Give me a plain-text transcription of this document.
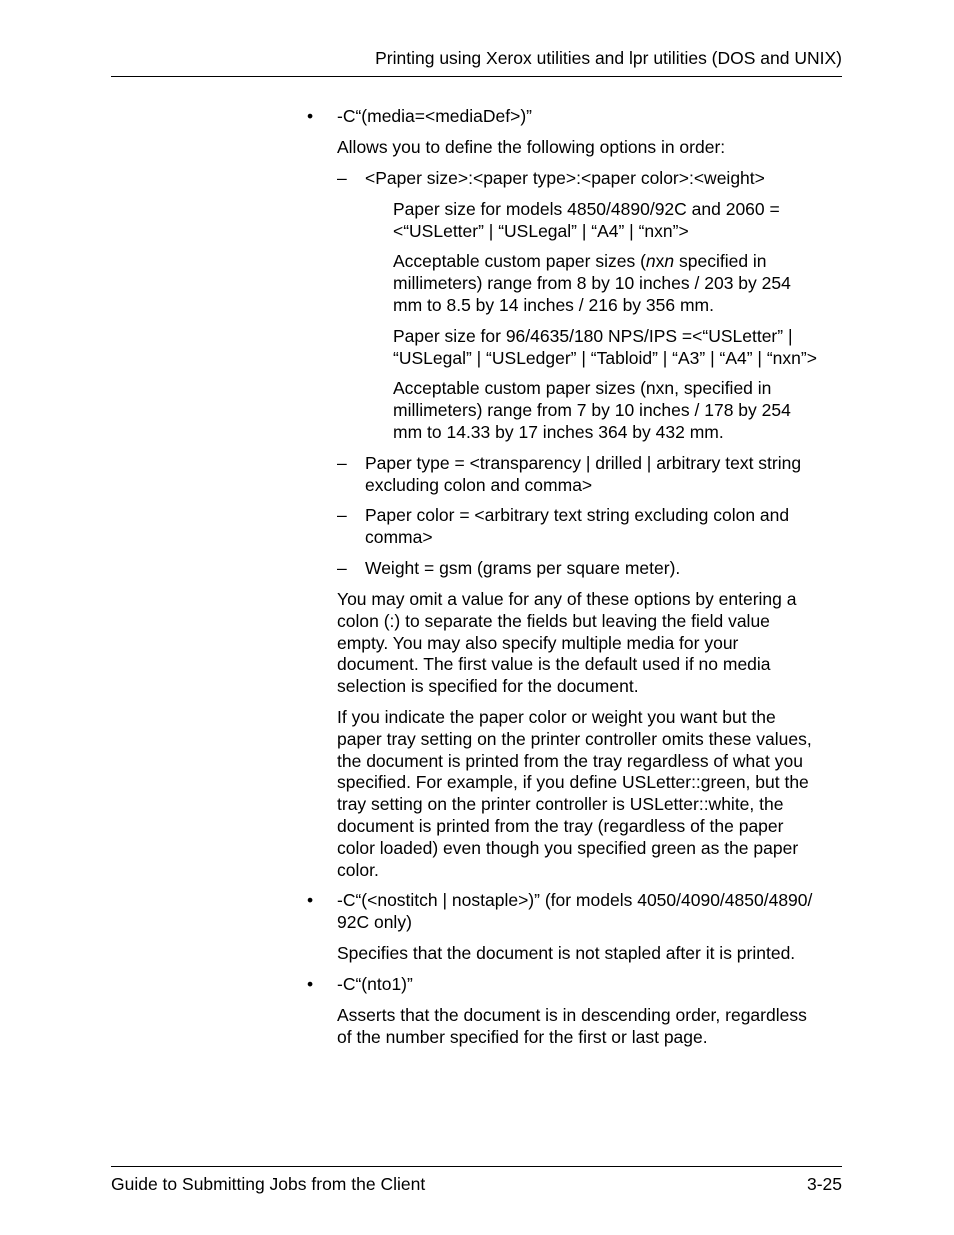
Printing using Xerox utilities and lpr utilities (DOS and UNIX)
• -C“(media=<mediaDef>)”
Allows you to define the following options in order:
– <Paper size>:<paper type>:<paper color>:<weight>
Paper size for models 4850/4890/92C and 2060 =
<“USLetter” | “USLegal” | “A4” | “nxn”>
Acceptable custom paper sizes (nxn specified in
millimeters) range from 8 by 10 inches / 203 by 254
mm to 8.5 by 14 inches / 216 by 356 mm.
Paper size for 96/4635/180 NPS/IPS =<“USLetter” |
“USLegal” | “USLedger” | “Tabloid” | “A3” | “A4” | “nxn”>
Acceptable custom paper sizes (nxn, specified in
millimeters) range from 7 by 10 inches / 178 by 254
mm to 14.33 by 17 inches 364 by 432 mm.
– Paper type = <transparency | drilled | arbitrary text string
excluding colon and comma>
– Paper color = <arbitrary text string excluding colon and
comma>
– Weight = gsm (grams per square meter).
You may omit a value for any of these options by entering a
colon (:) to separate the fields but leaving the field value
empty. You may also specify multiple media for your
document. The first value is the default used if no media
selection is specified for the document.
If you indicate the paper color or weight you want but the
paper tray setting on the printer controller omits these values,
the document is printed from the tray regardless of what you
specified. For example, if you define USLetter::green, but the
tray setting on the printer controller is USLetter::white, the
document is printed from the tray (regardless of the paper
color loaded) even though you specified green as the paper
color.
• -C“(<nostitch | nostaple>)” (for models 4050/4090/4850/4890/
92C only)
Specifies that the document is not stapled after it is printed.
• -C“(nto1)”
Asserts that the document is in descending order, regardless
of the number specified for the first or last page.
Guide to Submitting Jobs from the Client	3-25
